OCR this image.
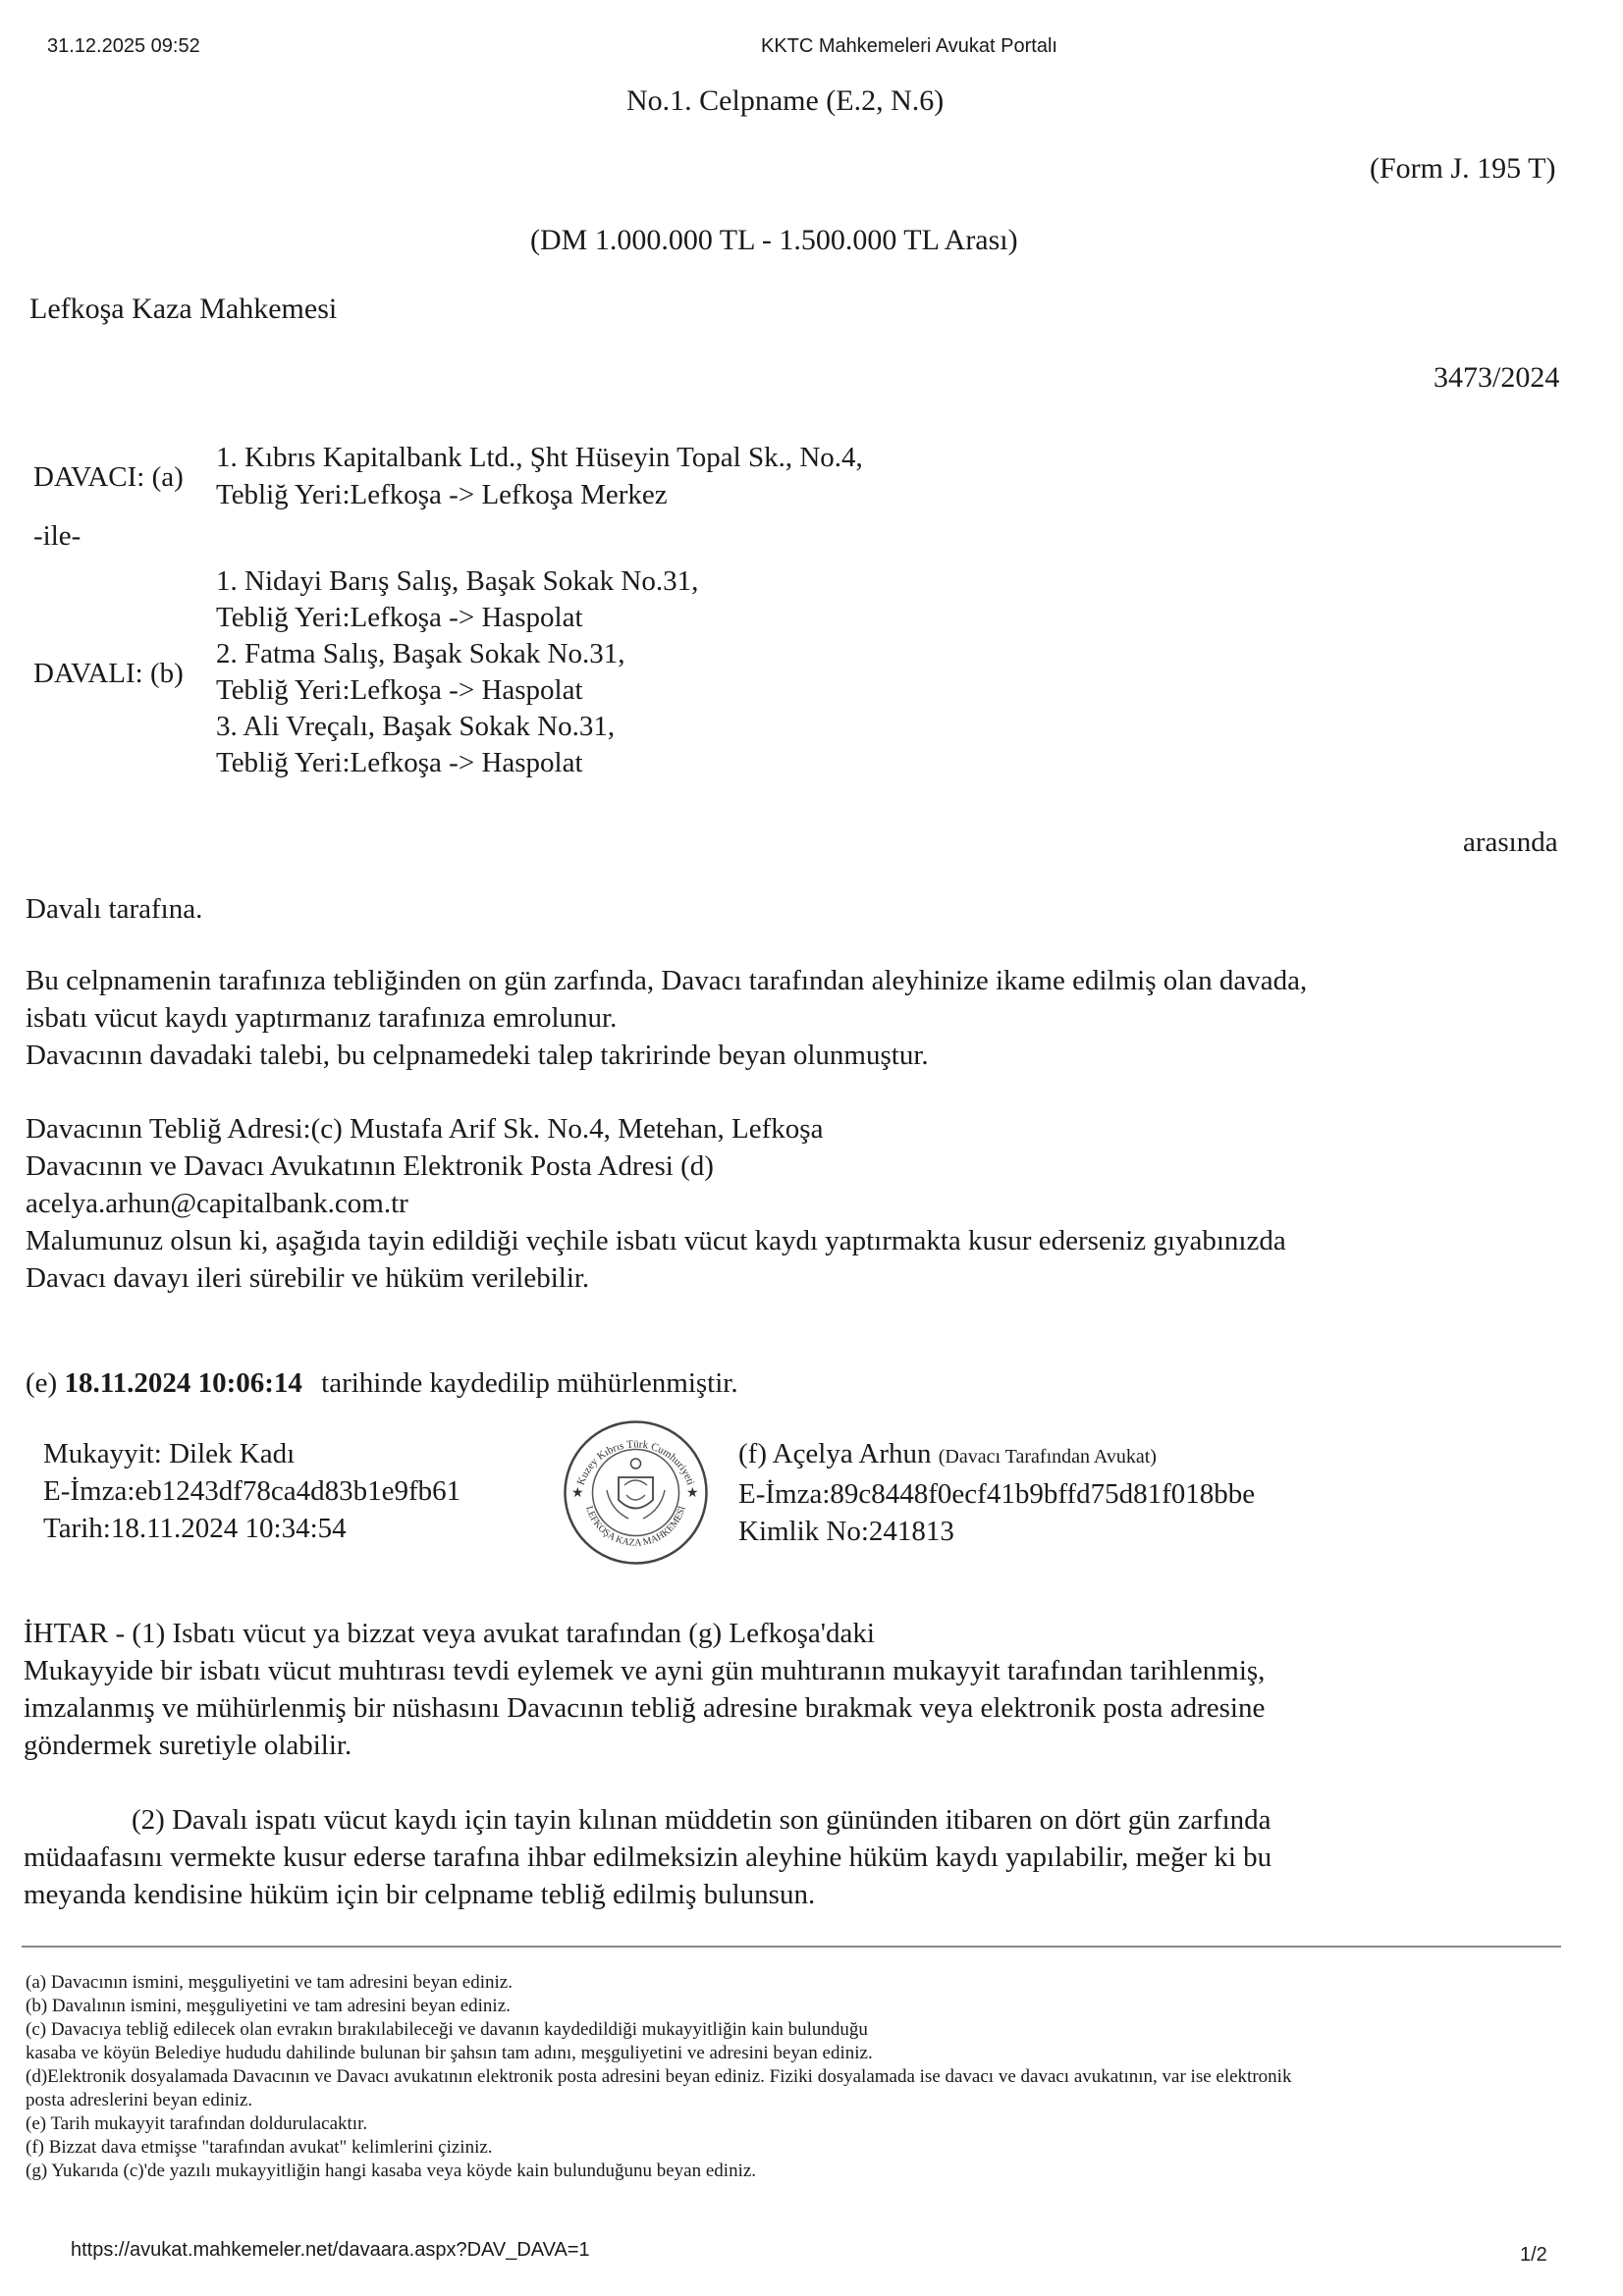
31.12.2025 09:52	KKTC Mahkemeleri Avukat Portalı
No.1. Celpname (E.2, N.6)
(Form J. 195 T)
(DM 1.000.000 TL - 1.500.000 TL Arası)
Lefkoşa Kaza Mahkemesi
3473/2024
DAVACI: (a)
1. Kıbrıs Kapitalbank Ltd., Şht Hüseyin Topal Sk., No.4,
Tebliğ Yeri:Lefkoşa -> Lefkoşa Merkez
-ile-
DAVALI: (b)
1. Nidayi Barış Salış, Başak Sokak No.31,
Tebliğ Yeri:Lefkoşa -> Haspolat
2. Fatma Salış, Başak Sokak No.31,
Tebliğ Yeri:Lefkoşa -> Haspolat
3. Ali Vreçalı, Başak Sokak No.31,
Tebliğ Yeri:Lefkoşa -> Haspolat
arasında
Davalı tarafına.
Bu celpnamenin tarafınıza tebliğinden on gün zarfında, Davacı tarafından aleyhinize ikame edilmiş olan davada,
isbatı vücut kaydı yaptırmanız tarafınıza emrolunur.
Davacının davadaki talebi, bu celpnamedeki talep takririnde beyan olunmuştur.
Davacının Tebliğ Adresi:(c) Mustafa Arif Sk. No.4, Metehan, Lefkoşa
Davacının ve Davacı Avukatının Elektronik Posta Adresi (d)
acelya.arhun@capitalbank.com.tr
Malumunuz olsun ki, aşağıda tayin edildiği veçhile isbatı vücut kaydı yaptırmakta kusur ederseniz gıyabınızda
Davacı davayı ileri sürebilir ve hüküm verilebilir.
(e) 18.11.2024 10:06:14 tarihinde kaydedilip mühürlenmiştir.
Mukayyit: Dilek Kadı
E-İmza:eb1243df78ca4d83b1e9fb61
Tarih:18.11.2024 10:34:54
Kuzey Kıbrıs Türk Cumhuriyeti
LEFKOŞA KAZA MAHKEMESİ
★	★
(f) Açelya Arhun (Davacı Tarafından Avukat)
E-İmza:89c8448f0ecf41b9bffd75d81f018bbe
Kimlik No:241813
İHTAR - (1) Isbatı vücut ya bizzat veya avukat tarafından (g) Lefkoşa'daki
Mukayyide bir isbatı vücut muhtırası tevdi eylemek ve ayni gün muhtıranın mukayyit tarafından tarihlenmiş,
imzalanmış ve mühürlenmiş bir nüshasını Davacının tebliğ adresine bırakmak veya elektronik posta adresine
göndermek suretiyle olabilir.
(2) Davalı ispatı vücut kaydı için tayin kılınan müddetin son gününden itibaren on dört gün zarfında
müdaafasını vermekte kusur ederse tarafına ihbar edilmeksizin aleyhine hüküm kaydı yapılabilir, meğer ki bu
meyanda kendisine hüküm için bir celpname tebliğ edilmiş bulunsun.
(a) Davacının ismini, meşguliyetini ve tam adresini beyan ediniz.
(b) Davalının ismini, meşguliyetini ve tam adresini beyan ediniz.
(c) Davacıya tebliğ edilecek olan evrakın bırakılabileceği ve davanın kaydedildiği mukayyitliğin kain bulunduğu
kasaba ve köyün Belediye hududu dahilinde bulunan bir şahsın tam adını, meşguliyetini ve adresini beyan ediniz.
(d)Elektronik dosyalamada Davacının ve Davacı avukatının elektronik posta adresini beyan ediniz. Fiziki dosyalamada ise davacı ve davacı avukatının, var ise elektronik
posta adreslerini beyan ediniz.
(e) Tarih mukayyit tarafından doldurulacaktır.
(f) Bizzat dava etmişse "tarafından avukat" kelimlerini çiziniz.
(g) Yukarıda (c)'de yazılı mukayyitliğin hangi kasaba veya köyde kain bulunduğunu beyan ediniz.
https://avukat.mahkemeler.net/davaara.aspx?DAV_DAVA=1	1/2
